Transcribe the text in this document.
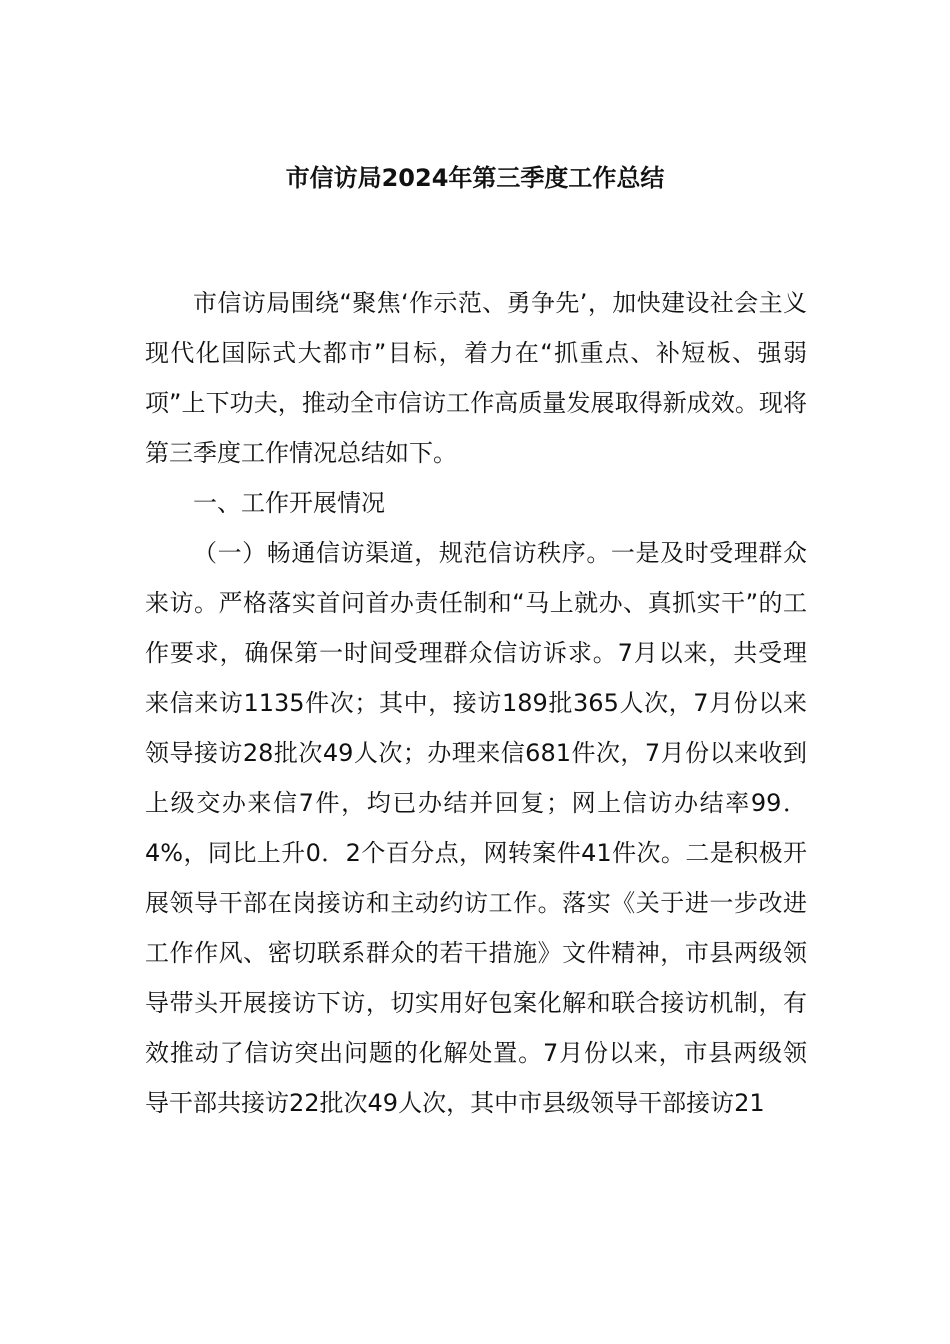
市信访局2024年第三季度工作总结

市信访局围绕“聚焦‘作示范、勇争先’，加快建设社会主义现代化国际式大都市”目标，着力在“抓重点、补短板、强弱项”上下功夫，推动全市信访工作高质量发展取得新成效。现将第三季度工作情况总结如下。

一、工作开展情况

（一）畅通信访渠道，规范信访秩序。一是及时受理群众来访。严格落实首问首办责任制和“马上就办、真抓实干”的工作要求，确保第一时间受理群众信访诉求。7月以来，共受理来信来访1135件次；其中，接访189批365人次，7月份以来领导接访28批次49人次；办理来信681件次，7月份以来收到上级交办来信7件，均已办结并回复；网上信访办结率99．4%，同比上升0．2个百分点，网转案件41件次。二是积极开展领导干部在岗接访和主动约访工作。落实《关于进一步改进工作作风、密切联系群众的若干措施》文件精神，市县两级领导带头开展接访下访，切实用好包案化解和联合接访机制，有效推动了信访突出问题的化解处置。7月份以来，市县两级领导干部共接访22批次49人次，其中市县级领导干部接访21
